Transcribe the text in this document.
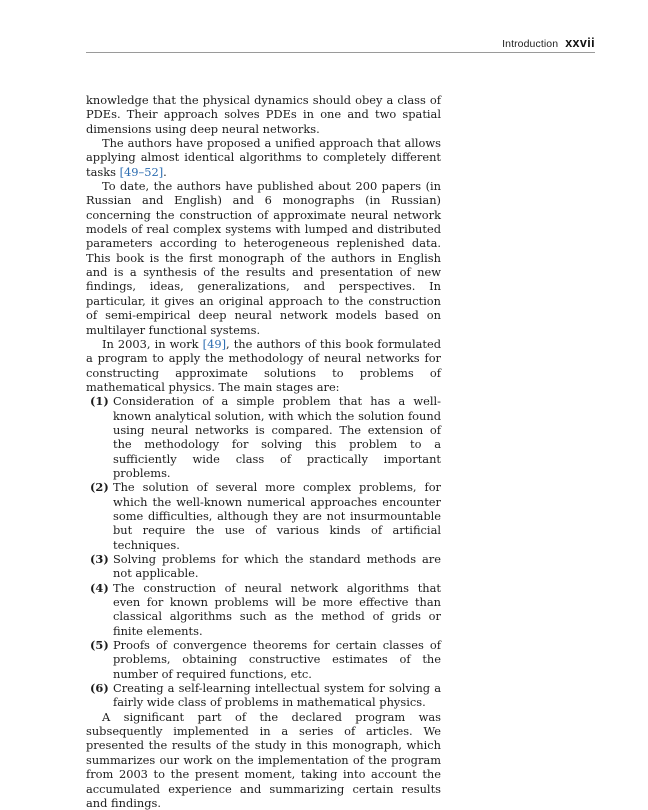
Introduction xxvii

knowledge that the physical dynamics should obey a class of PDEs. Their approach solves PDEs in one and two spatial dimensions using deep neural networks.

The authors have proposed a unified approach that allows applying almost identical algorithms to completely different tasks [49–52].

To date, the authors have published about 200 papers (in Russian and English) and 6 monographs (in Russian) concerning the construction of approximate neural network models of real complex systems with lumped and distributed parameters according to heterogeneous replenished data. This book is the first monograph of the authors in English and is a synthesis of the results and presentation of new findings, ideas, generalizations, and perspectives. In particular, it gives an original approach to the construction of semi-empirical deep neural network models based on multilayer functional systems.

In 2003, in work [49], the authors of this book formulated a program to apply the methodology of neural networks for constructing approximate solutions to problems of mathematical physics. The main stages are:

(1) Consideration of a simple problem that has a well-known analytical solution, with which the solution found using neural networks is compared. The extension of the methodology for solving this problem to a sufficiently wide class of practically important problems.
(2) The solution of several more complex problems, for which the well-known numerical approaches encounter some difficulties, although they are not insurmountable but require the use of various kinds of artificial techniques.
(3) Solving problems for which the standard methods are not applicable.
(4) The construction of neural network algorithms that even for known problems will be more effective than classical algorithms such as the method of grids or finite elements.
(5) Proofs of convergence theorems for certain classes of problems, obtaining constructive estimates of the number of required functions, etc.
(6) Creating a self-learning intellectual system for solving a fairly wide class of problems in mathematical physics.

A significant part of the declared program was subsequently implemented in a series of articles. We presented the results of the study in this monograph, which summarizes our work on the implementation of the program from 2003 to the present moment, taking into account the accumulated experience and summarizing certain results and findings.
